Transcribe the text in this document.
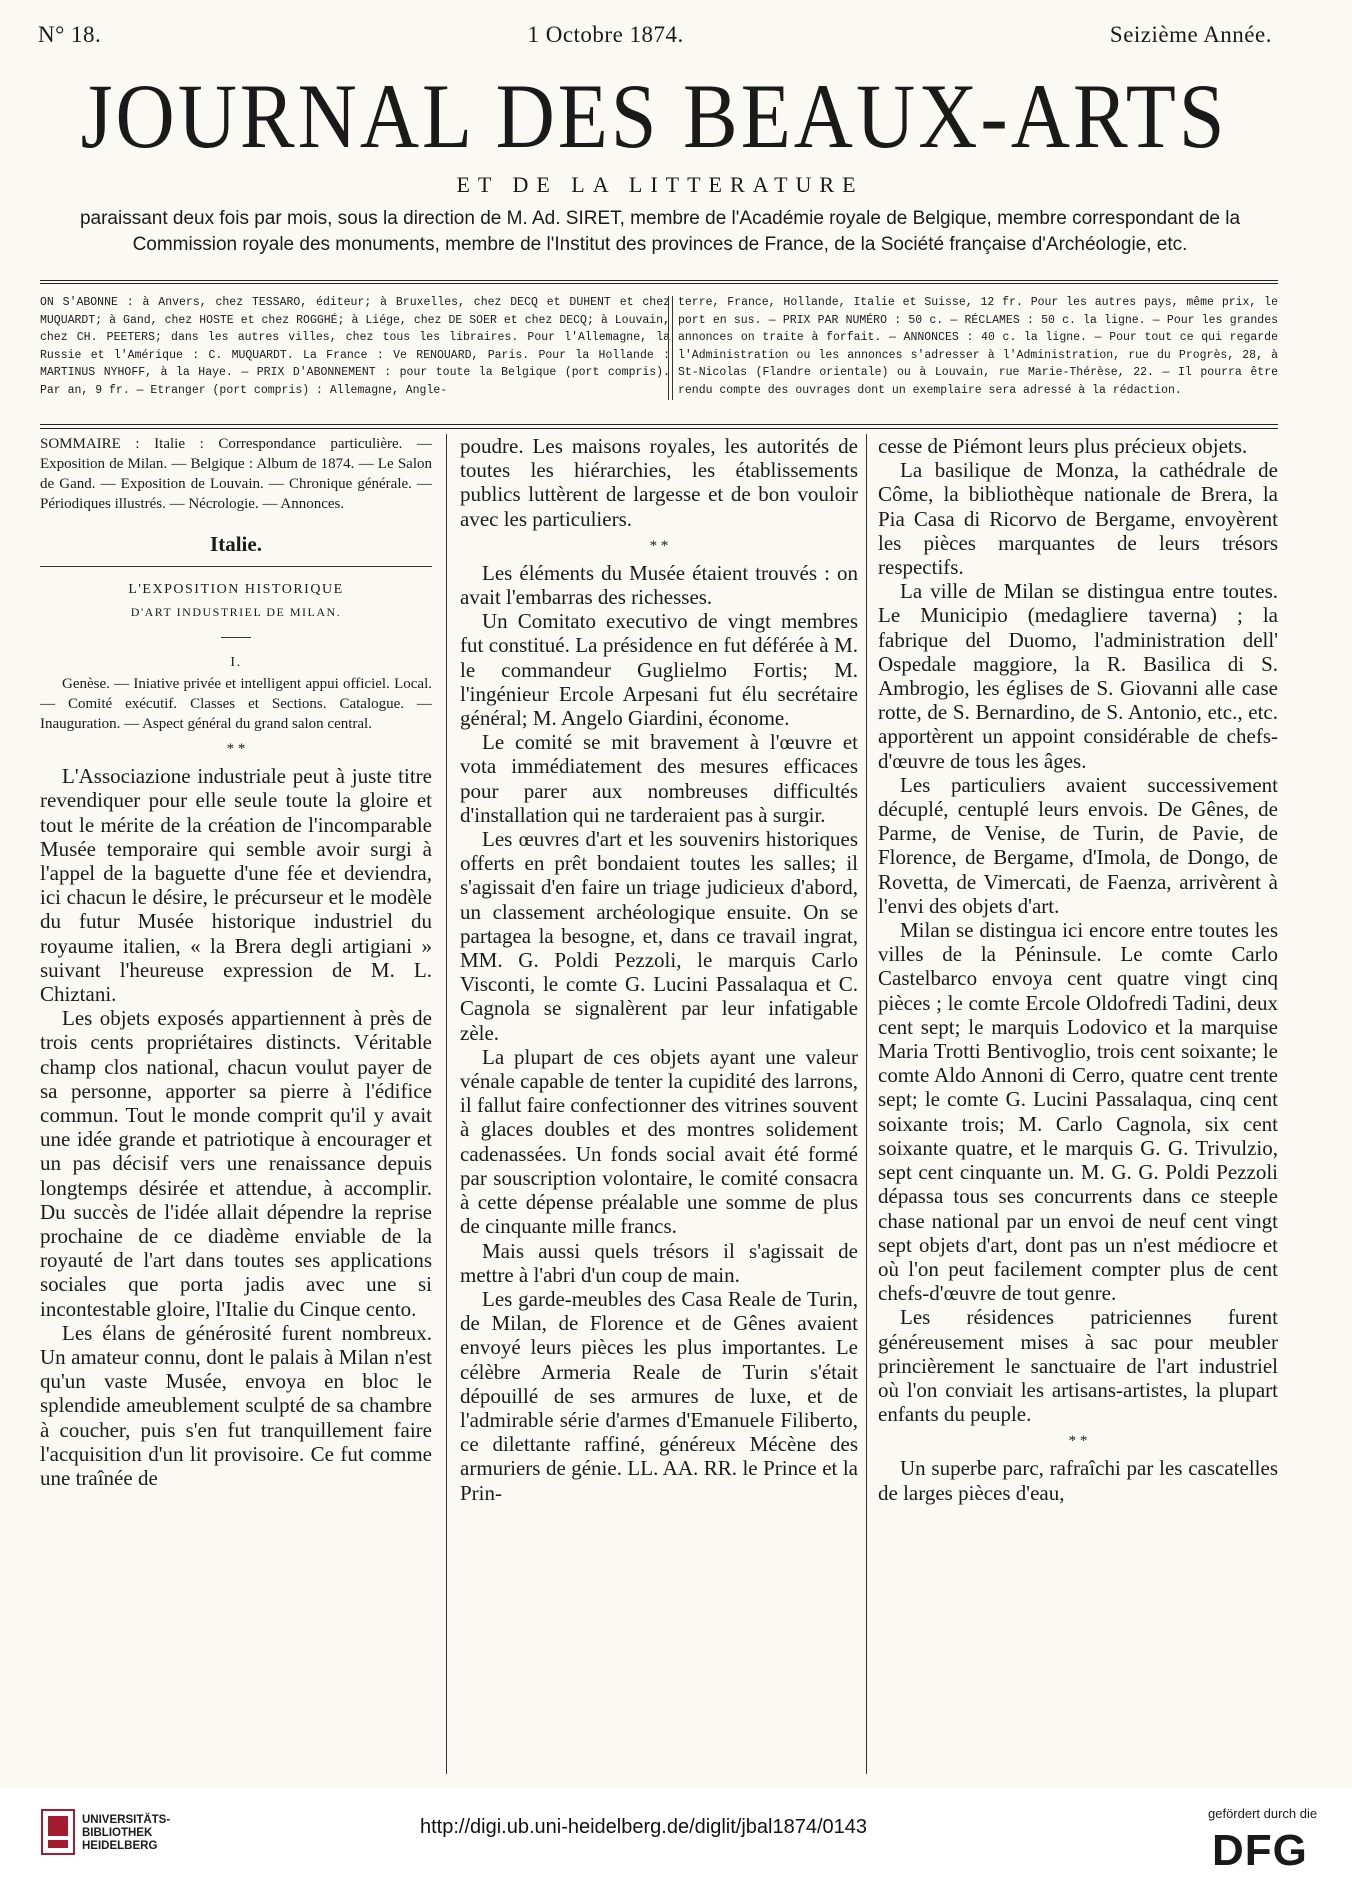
N° 18.	1 Octobre 1874.	Seizième Année.
JOURNAL DES BEAUX-ARTS
ET DE LA LITTERATURE
paraissant deux fois par mois, sous la direction de M. Ad. SIRET, membre de l'Académie royale de Belgique, membre correspondant de la Commission royale des monuments, membre de l'Institut des provinces de France, de la Société française d'Archéologie, etc.
ON S'ABONNE : à Anvers, chez TESSARO, éditeur; à Bruxelles, chez DECQ et DUHENT et chez MUQUARDT; à Gand, chez HOSTE et chez ROGGHÉ; à Liége, chez DE SOER et chez DECQ; à Louvain, chez CH. PEETERS; dans les autres villes, chez tous les libraires. Pour l'Allemagne, la Russie et l'Amérique : C. MUQUARDT. La France : Ve RENOUARD, Paris. Pour la Hollande : MARTINUS NYHOFF, à la Haye. — PRIX D'ABONNEMENT : pour toute la Belgique (port compris). Par an, 9 fr. — Etranger (port compris) : Allemagne, Angle-
terre, France, Hollande, Italie et Suisse, 12 fr. Pour les autres pays, même prix, le port en sus. — PRIX PAR NUMÉRO : 50 c. — RÉCLAMES : 50 c. la ligne. — Pour les grandes annonces on traite à forfait. — ANNONCES : 40 c. la ligne. — Pour tout ce qui regarde l'Administration ou les annonces s'adresser à l'Administration, rue du Progrès, 28, à St-Nicolas (Flandre orientale) ou à Louvain, rue Marie-Thérèse, 22. — Il pourra être rendu compte des ouvrages dont un exemplaire sera adressé à la rédaction.

SOMMAIRE : Italie : Correspondance particulière. — Exposition de Milan. — Belgique : Album de 1874. — Le Salon de Gand. — Exposition de Louvain. — Chronique générale. — Périodiques illustrés. — Nécrologie. — Annonces.

Italie.
L'EXPOSITION HISTORIQUE
D'ART INDUSTRIEL DE MILAN.
I.

Genèse. — Iniative privée et intelligent appui officiel. Local. — Comité exécutif. Classes et Sections. Catalogue. — Inauguration. — Aspect général du grand salon central.

* *

L'Associazione industriale peut à juste titre revendiquer pour elle seule toute la gloire et tout le mérite de la création de l'incomparable Musée temporaire qui semble avoir surgi à l'appel de la baguette d'une fée et deviendra, ici chacun le désire, le précurseur et le modèle du futur Musée historique industriel du royaume italien, « la Brera degli artigiani » suivant l'heureuse expression de M. L. Chiztani.

Les objets exposés appartiennent à près de trois cents propriétaires distincts. Véritable champ clos national, chacun voulut payer de sa personne, apporter sa pierre à l'édifice commun. Tout le monde comprit qu'il y avait une idée grande et patriotique à encourager et un pas décisif vers une renaissance depuis longtemps désirée et attendue, à accomplir. Du succès de l'idée allait dépendre la reprise prochaine de ce diadème enviable de la royauté de l'art dans toutes ses applications sociales que porta jadis avec une si incontestable gloire, l'Italie du Cinque cento.

Les élans de générosité furent nombreux. Un amateur connu, dont le palais à Milan n'est qu'un vaste Musée, envoya en bloc le splendide ameublement sculpté de sa chambre à coucher, puis s'en fut tranquillement faire l'acquisition d'un lit provisoire. Ce fut comme une traînée de

poudre. Les maisons royales, les autorités de toutes les hiérarchies, les établissements publics luttèrent de largesse et de bon vouloir avec les particuliers.

* *

Les éléments du Musée étaient trouvés : on avait l'embarras des richesses.

Un Comitato executivo de vingt membres fut constitué. La présidence en fut déférée à M. le commandeur Guglielmo Fortis; M. l'ingénieur Ercole Arpesani fut élu secrétaire général; M. Angelo Giardini, économe.

Le comité se mit bravement à l'œuvre et vota immédiatement des mesures efficaces pour parer aux nombreuses difficultés d'installation qui ne tarderaient pas à surgir.

Les œuvres d'art et les souvenirs historiques offerts en prêt bondaient toutes les salles; il s'agissait d'en faire un triage judicieux d'abord, un classement archéologique ensuite. On se partagea la besogne, et, dans ce travail ingrat, MM. G. Poldi Pezzoli, le marquis Carlo Visconti, le comte G. Lucini Passalaqua et C. Cagnola se signalèrent par leur infatigable zèle.

La plupart de ces objets ayant une valeur vénale capable de tenter la cupidité des larrons, il fallut faire confectionner des vitrines souvent à glaces doubles et des montres solidement cadenassées. Un fonds social avait été formé par souscription volontaire, le comité consacra à cette dépense préalable une somme de plus de cinquante mille francs.

Mais aussi quels trésors il s'agissait de mettre à l'abri d'un coup de main.

Les garde-meubles des Casa Reale de Turin, de Milan, de Florence et de Gênes avaient envoyé leurs pièces les plus importantes. Le célèbre Armeria Reale de Turin s'était dépouillé de ses armures de luxe, et de l'admirable série d'armes d'Emanuele Filiberto, ce dilettante raffiné, généreux Mécène des armuriers de génie. LL. AA. RR. le Prince et la Prin-

cesse de Piémont leurs plus précieux objets.

La basilique de Monza, la cathédrale de Côme, la bibliothèque nationale de Brera, la Pia Casa di Ricorvo de Bergame, envoyèrent les pièces marquantes de leurs trésors respectifs.

La ville de Milan se distingua entre toutes. Le Municipio (medagliere taverna) ; la fabrique del Duomo, l'administration dell' Ospedale maggiore, la R. Basilica di S. Ambrogio, les églises de S. Giovanni alle case rotte, de S. Bernardino, de S. Antonio, etc., etc. apportèrent un appoint considérable de chefs-d'œuvre de tous les âges.

Les particuliers avaient successivement décuplé, centuplé leurs envois. De Gênes, de Parme, de Venise, de Turin, de Pavie, de Florence, de Bergame, d'Imola, de Dongo, de Rovetta, de Vimercati, de Faenza, arrivèrent à l'envi des objets d'art.

Milan se distingua ici encore entre toutes les villes de la Péninsule. Le comte Carlo Castelbarco envoya cent quatre vingt cinq pièces ; le comte Ercole Oldofredi Tadini, deux cent sept; le marquis Lodovico et la marquise Maria Trotti Bentivoglio, trois cent soixante; le comte Aldo Annoni di Cerro, quatre cent trente sept; le comte G. Lucini Passalaqua, cinq cent soixante trois; M. Carlo Cagnola, six cent soixante quatre, et le marquis G. G. Trivulzio, sept cent cinquante un. M. G. G. Poldi Pezzoli dépassa tous ses concurrents dans ce steeple chase national par un envoi de neuf cent vingt sept objets d'art, dont pas un n'est médiocre et où l'on peut facilement compter plus de cent chefs-d'œuvre de tout genre.

Les résidences patriciennes furent généreusement mises à sac pour meubler princièrement le sanctuaire de l'art industriel où l'on conviait les artisans-artistes, la plupart enfants du peuple.

* *

Un superbe parc, rafraîchi par les cascatelles de larges pièces d'eau,

UNIVERSITÄTS-
BIBLIOTHEK
HEIDELBERG
http://digi.ub.uni-heidelberg.de/diglit/jbal1874/0143
gefördert durch die
DFG
